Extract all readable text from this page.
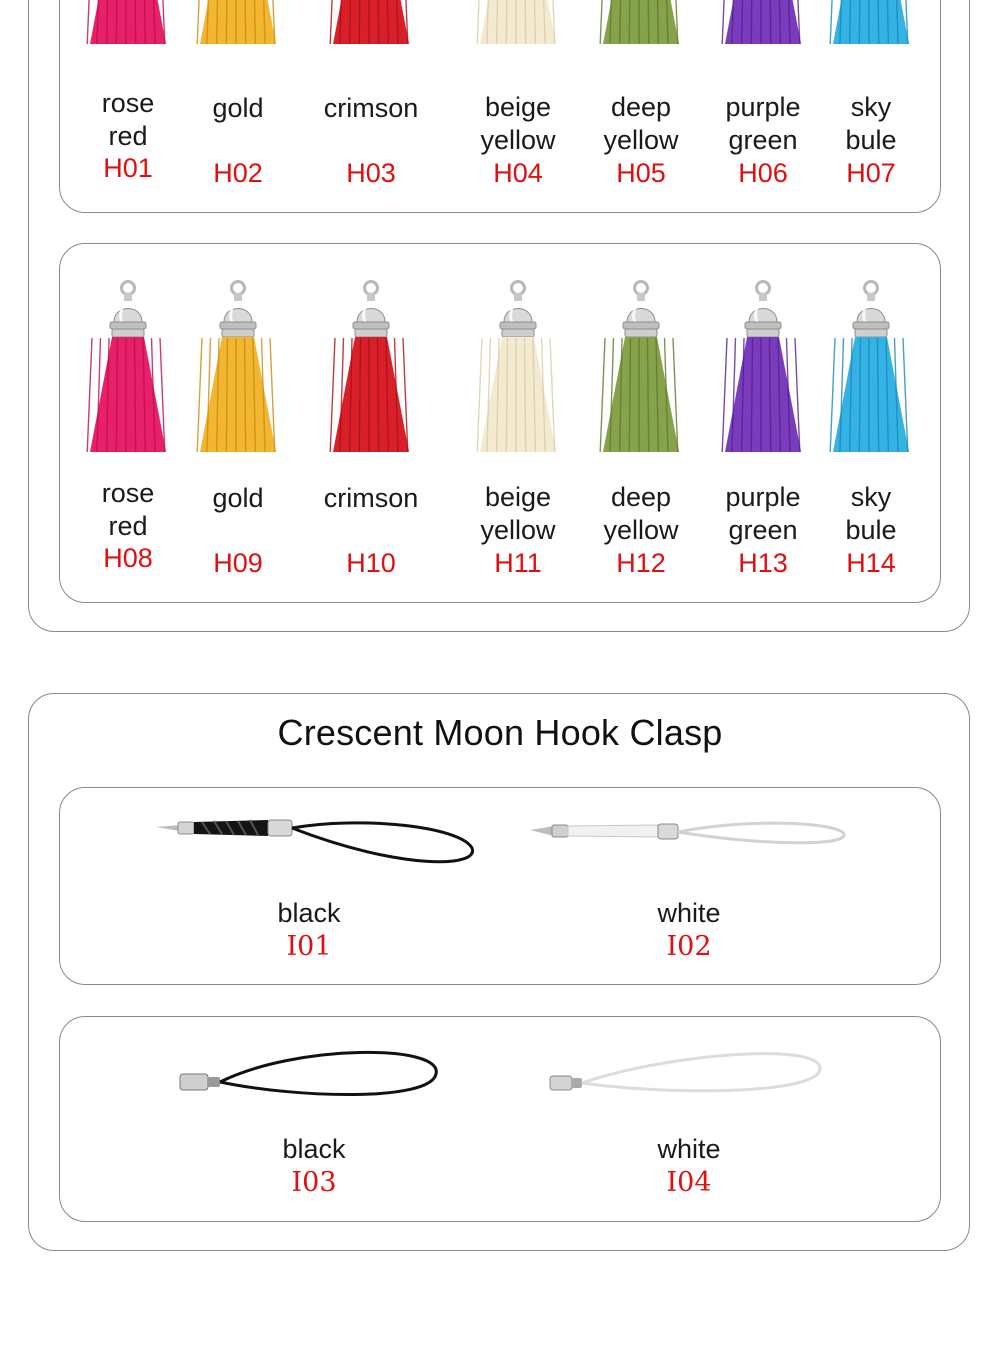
Crescent Moon Hook Clasp
rose
red
H01
gold
H02
crimson
H03
beige
yellow
H04
deep
yellow
H05
purple
green
H06
sky
bule
H07
rose
red
H08
gold
H09
crimson
H10
beige
yellow
H11
deep
yellow
H12
purple
green
H13
sky
bule
H14
black
I01
white
I02
black
I03
white
I04
